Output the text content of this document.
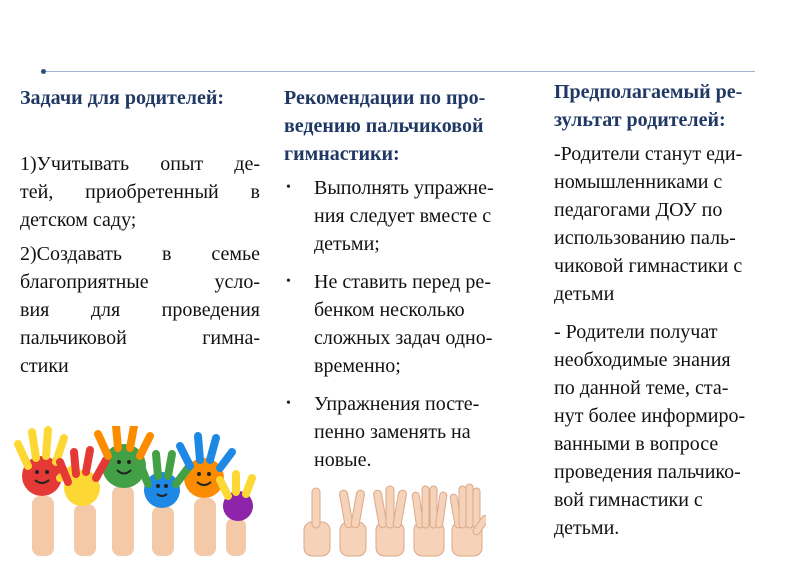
Задачи для родителей:

1)Учитывать опыт де-
тей, приобретенный в
детском саду;
2)Создавать в семье
благоприятные усло-
вия для проведения
пальчиковой гимна-
стики
Рекомендации по про-
ведению пальчиковой
гимнастики:
• Выполнять упражне-
ния следует вместе с
детьми;
• Не ставить перед ре-
бенком несколько
сложных задач одно-
временно;
• Упражнения посте-
пенно заменять на
новые.
Предполагаемый ре-
зультат родителей:
-Родители станут еди-
номышленниками с
педагогами ДОУ по
использованию паль-
чиковой гимнастики с
детьми
- Родители получат
необходимые знания
по данной теме, ста-
нут более информиро-
ванными в вопросе
проведения пальчико-
вой гимнастики с
детьми.
